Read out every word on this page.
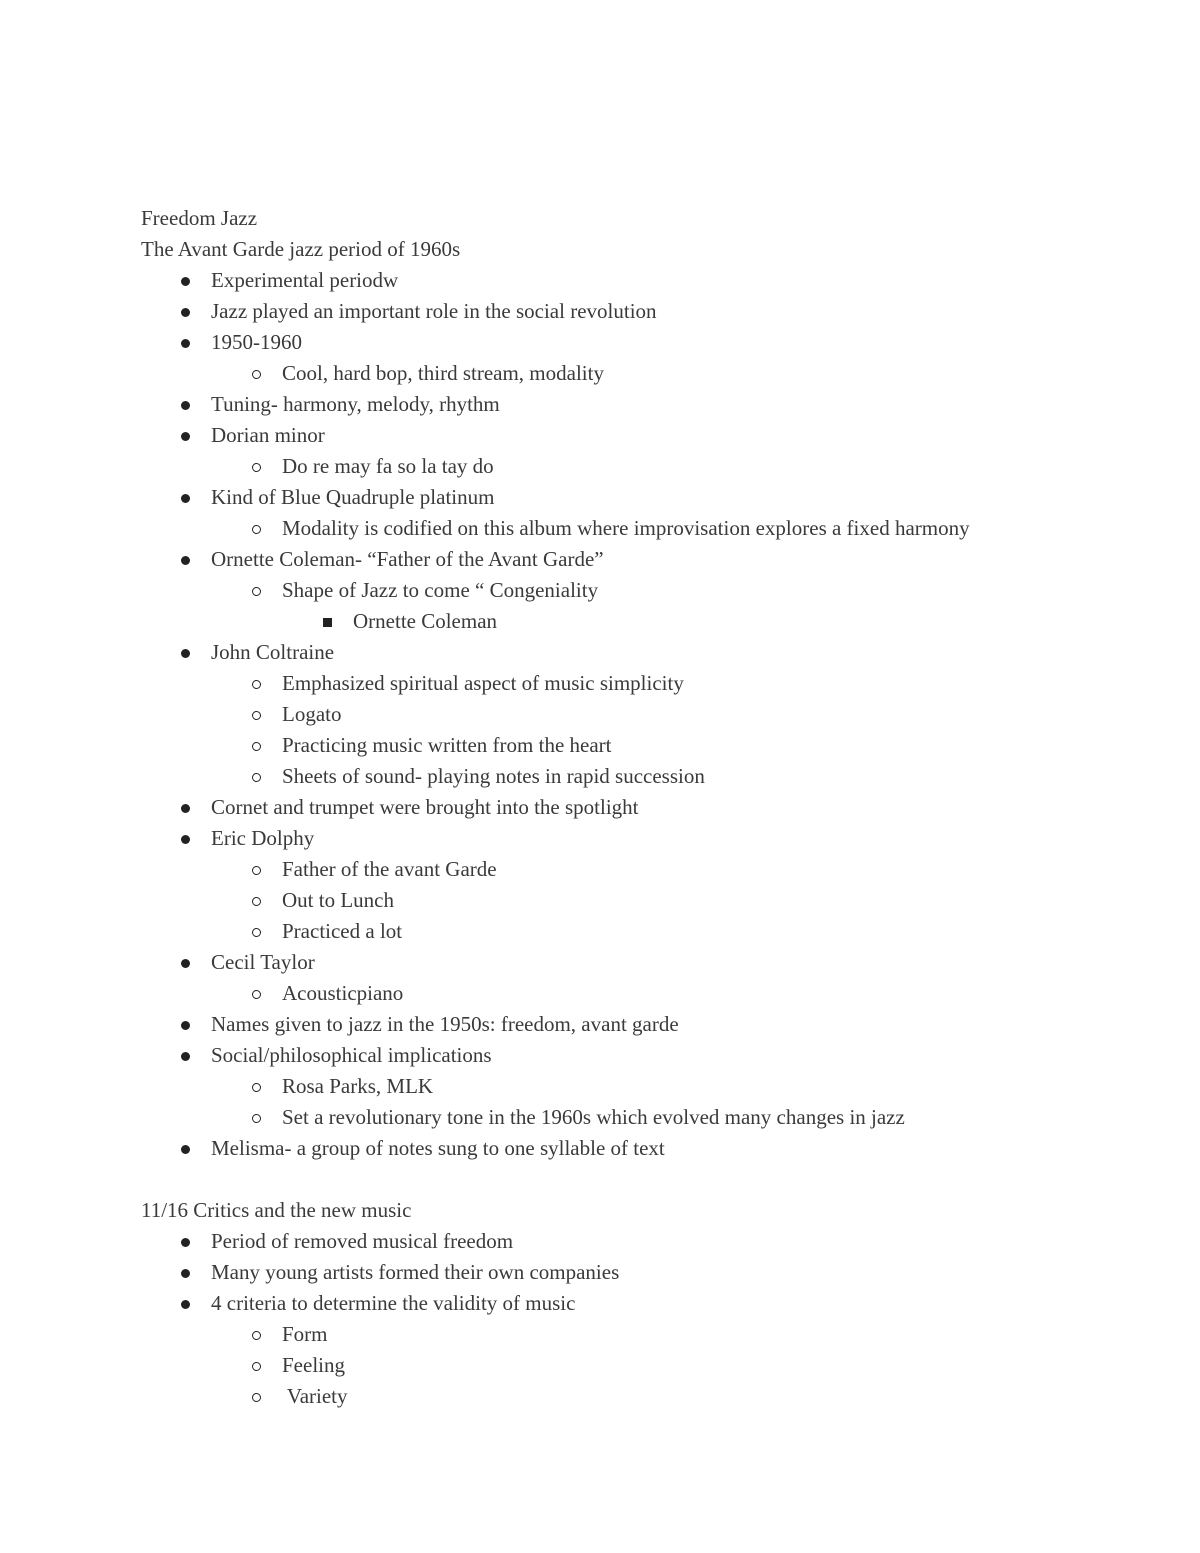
Freedom Jazz
The Avant Garde jazz period of 1960s
Experimental periodw
Jazz played an important role in the social revolution
1950-1960
Cool, hard bop, third stream, modality
Tuning- harmony, melody, rhythm
Dorian minor
Do re may fa so la tay do
Kind of Blue Quadruple platinum
Modality is codified on this album where improvisation explores a fixed harmony
Ornette Coleman- “Father of the Avant Garde”
Shape of Jazz to come “ Congeniality
Ornette Coleman
John Coltraine
Emphasized spiritual aspect of music simplicity
Logato
Practicing music written from the heart
Sheets of sound- playing notes in rapid succession
Cornet and trumpet were brought into the spotlight
Eric Dolphy
Father of the avant Garde
Out to Lunch
Practiced a lot
Cecil Taylor
Acousticpiano
Names given to jazz in the 1950s: freedom, avant garde
Social/philosophical implications
Rosa Parks, MLK
Set a revolutionary tone in the 1960s which evolved many changes in jazz
Melisma- a group of notes sung to one syllable of text
11/16 Critics and the new music
Period of removed musical freedom
Many young artists formed their own companies
4 criteria to determine the validity of music
Form
Feeling
Variety
